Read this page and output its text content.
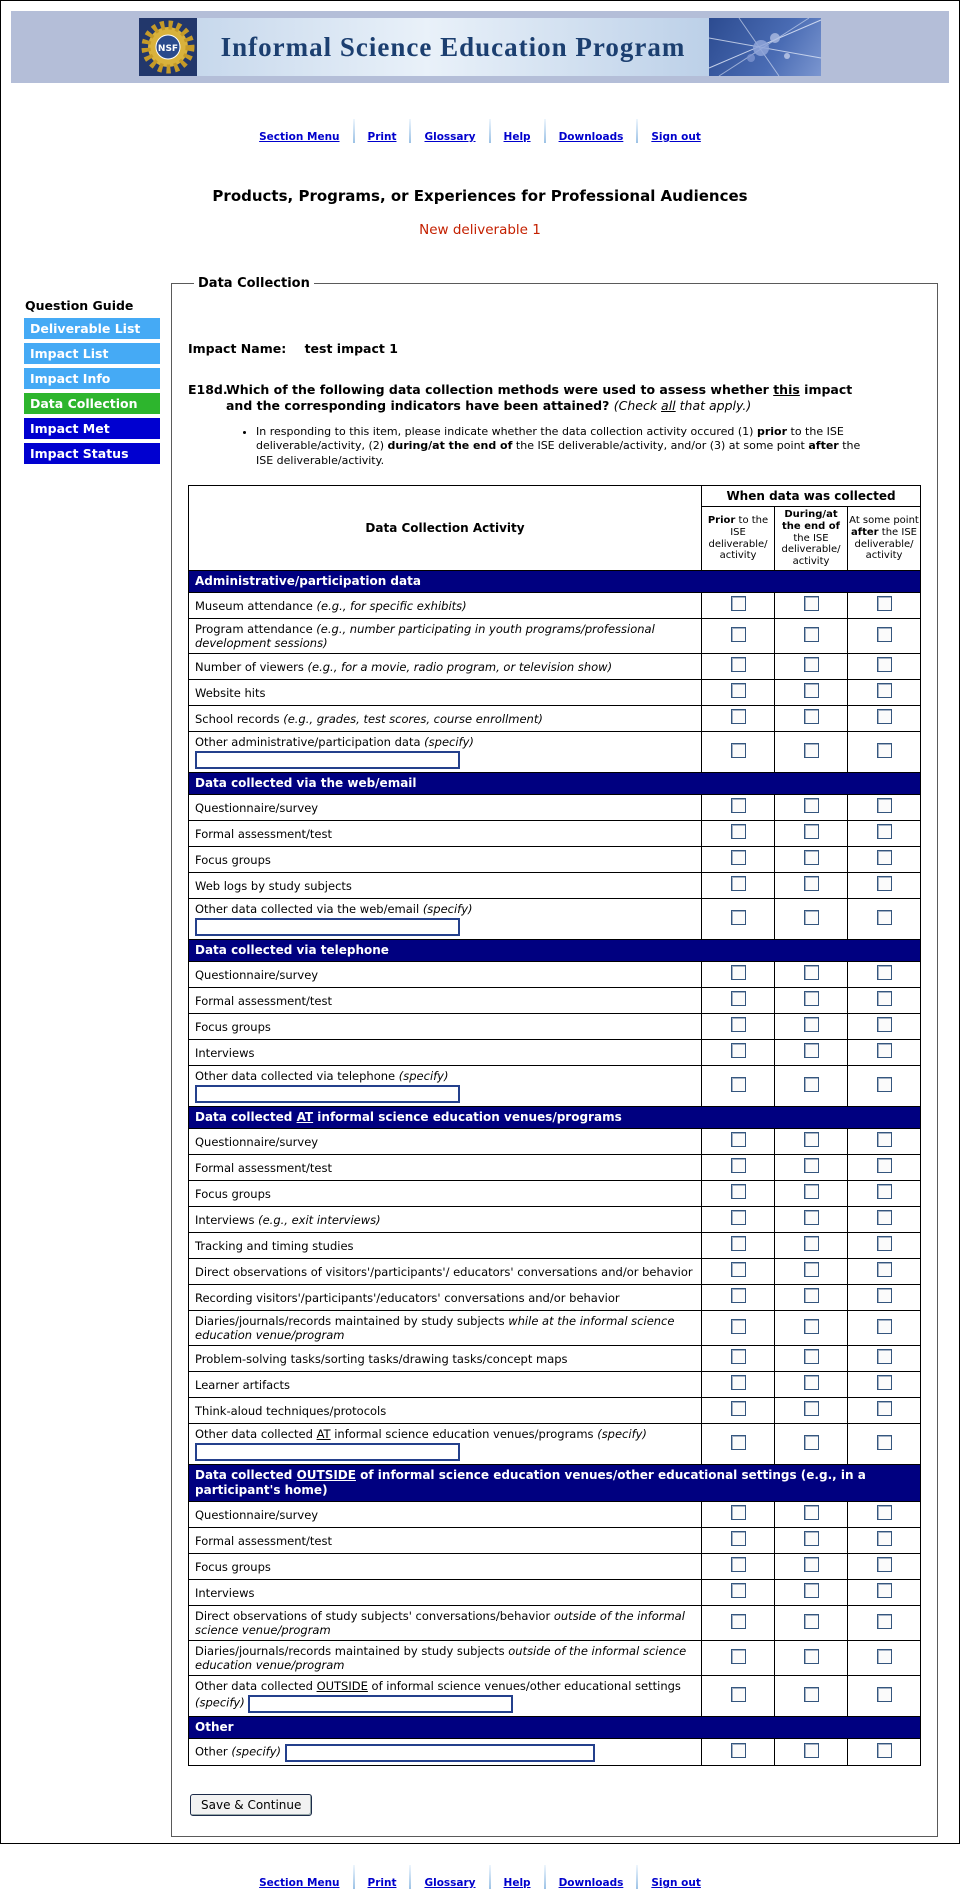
NSF	Informal Science Education Program
Section Menu	Print	Glossary	Help	Downloads	Sign out
Products, Programs, or Experiences for Professional Audiences
New deliverable 1
Question Guide
Deliverable List
Impact List
Impact Info
Data Collection
Impact Met
Impact Status
Data Collection
Impact Name: test impact 1
E18d.
Which of the following data collection methods were used to assess whether this impact and the corresponding indicators have been attained? (Check all that apply.)
• In responding to this item, please indicate whether the data collection activity occured (1) prior to the ISE deliverable/activity, (2) during/at the end of the ISE deliverable/activity, and/or (3) at some point after the ISE deliverable/activity.
Data Collection Activity	When data was collected		
	Prior to the ISE deliverable/ activity	During/at the end of the ISE deliverable/ activity	At some point after the ISE deliverable/ activity
Administrative/participation data			
Museum attendance (e.g., for specific exhibits)			
Program attendance (e.g., number participating in youth programs/professional development sessions)			
Number of viewers (e.g., for a movie, radio program, or television show)			
Website hits			
School records (e.g., grades, test scores, course enrollment)			
Other administrative/participation data (specify)

Data collected via the web/email			
Questionnaire/survey			
Formal assessment/test			
Focus groups			
Web logs by study subjects			
Other data collected via the web/email (specify)

Data collected via telephone			
Questionnaire/survey			
Formal assessment/test			
Focus groups			
Interviews			
Other data collected via telephone (specify)

Data collected AT informal science education venues/programs			
Questionnaire/survey			
Formal assessment/test			
Focus groups			
Interviews (e.g., exit interviews)			
Tracking and timing studies			
Direct observations of visitors'/participants'/ educators' conversations and/or behavior			
Recording visitors'/participants'/educators' conversations and/or behavior			
Diaries/journals/records maintained by study subjects while at the informal science education venue/program			
Problem-solving tasks/sorting tasks/drawing tasks/concept maps			
Learner artifacts			
Think-aloud techniques/protocols			
Other data collected AT informal science education venues/programs (specify)

Data collected OUTSIDE of informal science education venues/other educational settings (e.g., in a participant's home)			
Questionnaire/survey			
Formal assessment/test			
Focus groups			
Interviews			
Direct observations of study subjects' conversations/behavior outside of the informal science venue/program			
Diaries/journals/records maintained by study subjects outside of the informal science education venue/program			
Other data collected OUTSIDE of informal science venues/other educational settings
(specify)			
Other			
Other (specify)			
Save & Continue
Section Menu	Print	Glossary	Help	Downloads	Sign out
